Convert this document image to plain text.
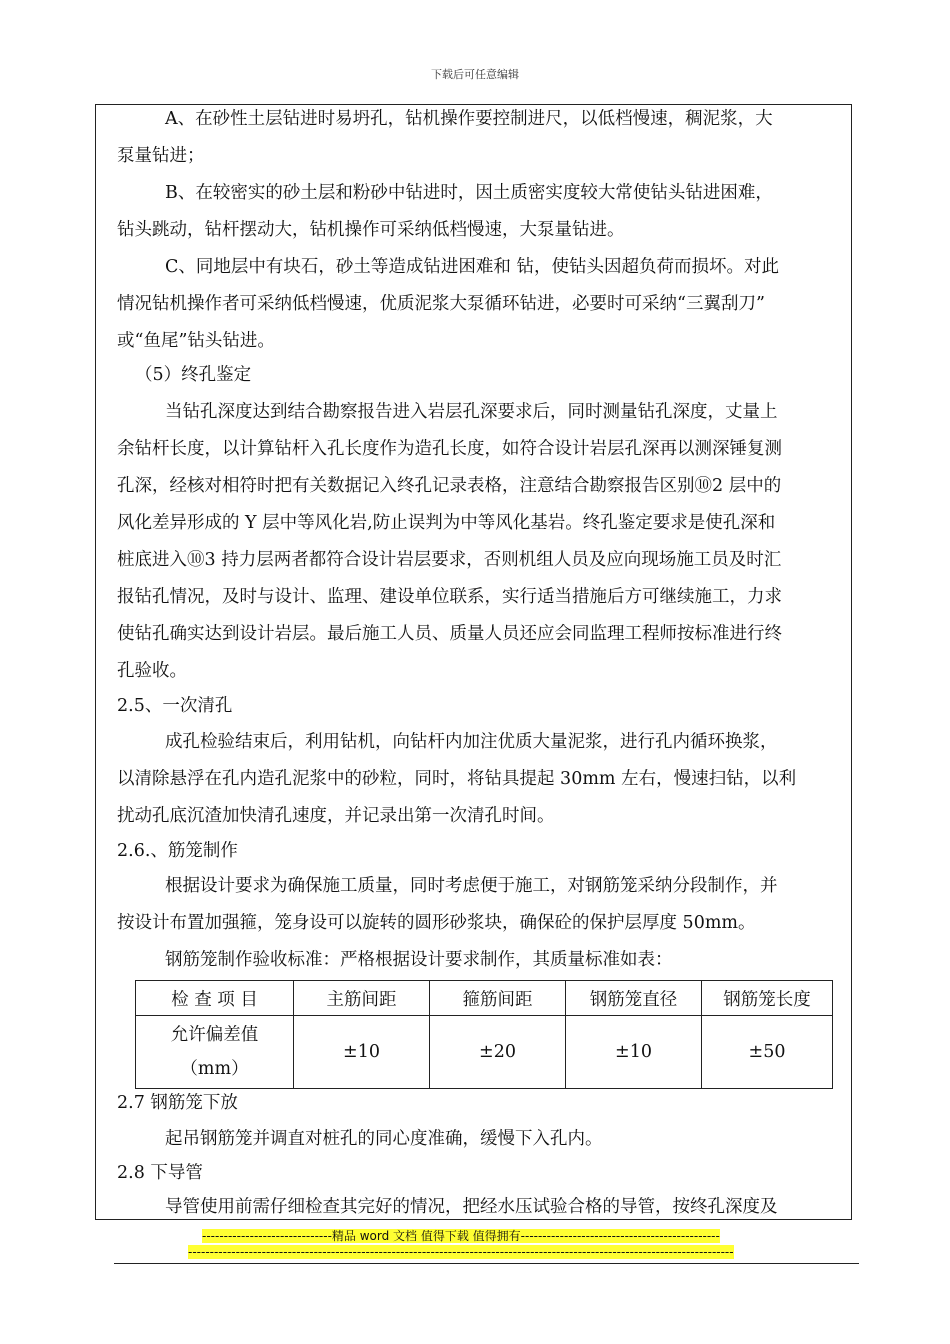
下载后可任意编辑
A、在砂性土层钻进时易坍孔，钻机操作要控制进尺，以低档慢速，稠泥浆，大
泵量钻进；
B、在较密实的砂土层和粉砂中钻进时，因土质密实度较大常使钻头钻进困难，
钻头跳动，钻杆摆动大，钻机操作可采纳低档慢速，大泵量钻进。
C、同地层中有块石，砂土等造成钻进困难和 钻，使钻头因超负荷而损坏。对此
情况钻机操作者可采纳低档慢速，优质泥浆大泵循环钻进，必要时可采纳“三翼刮刀”
或“鱼尾”钻头钻进。
（5）终孔鉴定
当钻孔深度达到结合勘察报告进入岩层孔深要求后，同时测量钻孔深度，丈量上
余钻杆长度，以计算钻杆入孔长度作为造孔长度，如符合设计岩层孔深再以测深锤复测
孔深，经核对相符时把有关数据记入终孔记录表格，注意结合勘察报告区别⑩2 层中的
风化差异形成的 Y 层中等风化岩,防止误判为中等风化基岩。终孔鉴定要求是使孔深和
桩底进入⑩3 持力层两者都符合设计岩层要求，否则机组人员及应向现场施工员及时汇
报钻孔情况，及时与设计、监理、建设单位联系，实行适当措施后方可继续施工，力求
使钻孔确实达到设计岩层。最后施工人员、质量人员还应会同监理工程师按标准进行终
孔验收。
2.5、一次清孔
成孔检验结束后，利用钻机，向钻杆内加注优质大量泥浆，进行孔内循环换浆，
以清除悬浮在孔内造孔泥浆中的砂粒，同时，将钻具提起 30mm 左右，慢速扫钻，以利
扰动孔底沉渣加快清孔速度，并记录出第一次清孔时间。
2.6.、筋笼制作
根据设计要求为确保施工质量，同时考虑便于施工，对钢筋笼采纳分段制作，并
按设计布置加强箍，笼身设可以旋转的圆形砂浆块，确保砼的保护层厚度 50mm。
钢筋笼制作验收标准：严格根据设计要求制作，其质量标准如表：
检 查 项 目	主筋间距	箍筋间距	钢筋笼直径	钢筋笼长度

允许偏差值
（mm）	±10	±20	±10	±50
2.7 钢筋笼下放
起吊钢筋笼并调直对桩孔的同心度准确，缓慢下入孔内。
2.8 下导管
导管使用前需仔细检查其完好的情况，把经水压试验合格的导管，按终孔深度及
------------------------------精品 word 文档 值得下载 值得拥有----------------------------------------------
------------------------------------------------------------------------------------------------------------------------------
